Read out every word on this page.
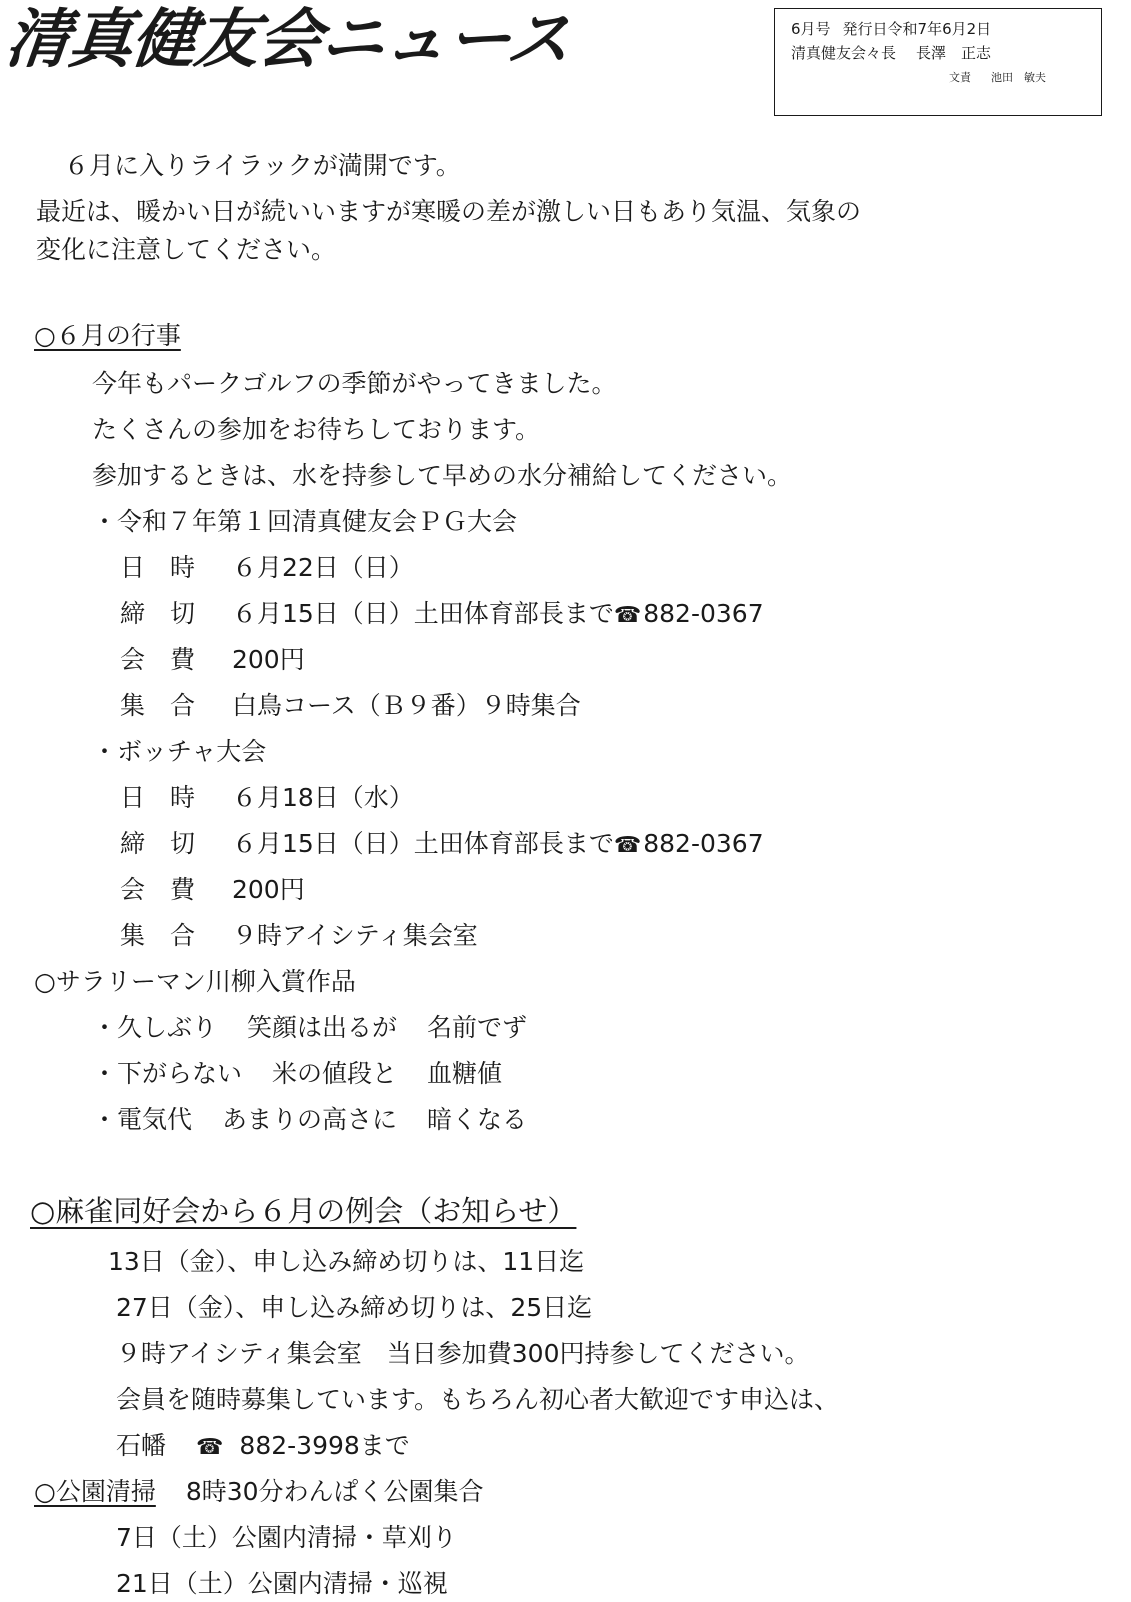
清真健友会ニュース	6月号 発行日令和7年6月2日
清真健友会々長 長澤　正志
文責 池田　敏夫
６月に入りライラックが満開です。
最近は、暖かい日が続いいますが寒暖の差が激しい日もあり気温、気象の
変化に注意してください。
○６月の行事
今年もパークゴルフの季節がやってきました。
たくさんの参加をお待ちしております。
参加するときは、水を持参して早めの水分補給してください。
・令和７年第１回清真健友会ＰＧ大会
日　時 ６月22日（日）
締　切 ６月15日（日）土田体育部長まで☎882-0367
会　費 200円
集　合 白鳥コース（Ｂ９番）９時集合
・ボッチャ大会
日　時 ６月18日（水）
締　切 ６月15日（日）土田体育部長まで☎882-0367
会　費 200円
集　合 ９時アイシティ集会室
○サラリーマン川柳入賞作品
・久しぶり 笑顔は出るが 名前でず
・下がらない 米の値段と 血糖値
・電気代 あまりの高さに 暗くなる
○麻雀同好会から６月の例会（お知らせ）
13日（金）、申し込み締め切りは、11日迄
27日（金）、申し込み締め切りは、25日迄
９時アイシティ集会室　当日参加費300円持参してください。
会員を随時募集しています。もちろん初心者大歓迎です申込は、
石幡 ☎ 882-3998まで
○公園清掃 8時30分わんぱく公園集合
7日（土）公園内清掃・草刈り
21日（土）公園内清掃・巡視
